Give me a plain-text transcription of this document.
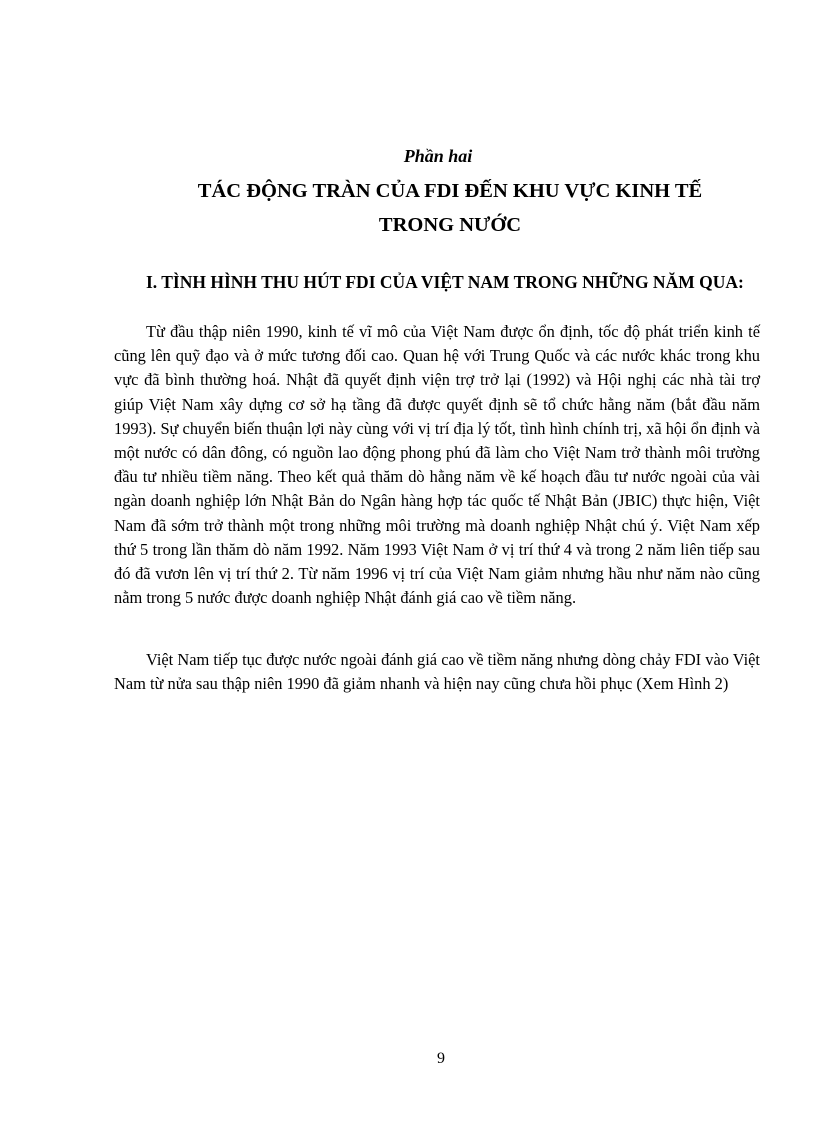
Phần hai
TÁC ĐỘNG TRÀN CỦA FDI ĐẾN KHU VỰC KINH TẾ
TRONG NƯỚC
I. TÌNH HÌNH THU HÚT FDI CỦA VIỆT NAM TRONG NHỮNG NĂM QUA:

Từ đầu thập niên 1990, kinh tế vĩ mô của Việt Nam được ổn định, tốc độ phát triển kinh tế cũng lên quỹ đạo và ở mức tương đối cao. Quan hệ với Trung Quốc và các nước khác trong khu vực đã bình thường hoá. Nhật đã quyết định viện trợ trở lại (1992) và Hội nghị các nhà tài trợ giúp Việt Nam xây dựng cơ sở hạ tầng đã được quyết định sẽ tổ chức hằng năm (bắt đầu năm 1993). Sự chuyển biến thuận lợi này cùng với vị trí địa lý tốt, tình hình chính trị, xã hội ổn định và một nước có dân đông, có nguồn lao động phong phú đã làm cho Việt Nam trở thành môi trường đầu tư nhiều tiềm năng. Theo kết quả thăm dò hằng năm về kế hoạch đầu tư nước ngoài của vài ngàn doanh nghiệp lớn Nhật Bản do Ngân hàng hợp tác quốc tế Nhật Bản (JBIC) thực hiện, Việt Nam đã sớm trở thành một trong những môi trường mà doanh nghiệp Nhật chú ý. Việt Nam xếp thứ 5 trong lần thăm dò năm 1992. Năm 1993 Việt Nam ở vị trí thứ 4 và trong 2 năm liên tiếp sau đó đã vươn lên vị trí thứ 2. Từ năm 1996 vị trí của Việt Nam giảm nhưng hầu như năm nào cũng nằm trong 5 nước được doanh nghiệp Nhật đánh giá cao về tiềm năng.

Việt Nam tiếp tục được nước ngoài đánh giá cao về tiềm năng nhưng dòng chảy FDI vào Việt Nam từ nửa sau thập niên 1990 đã giảm nhanh và hiện nay cũng chưa hồi phục (Xem Hình 2)

9
